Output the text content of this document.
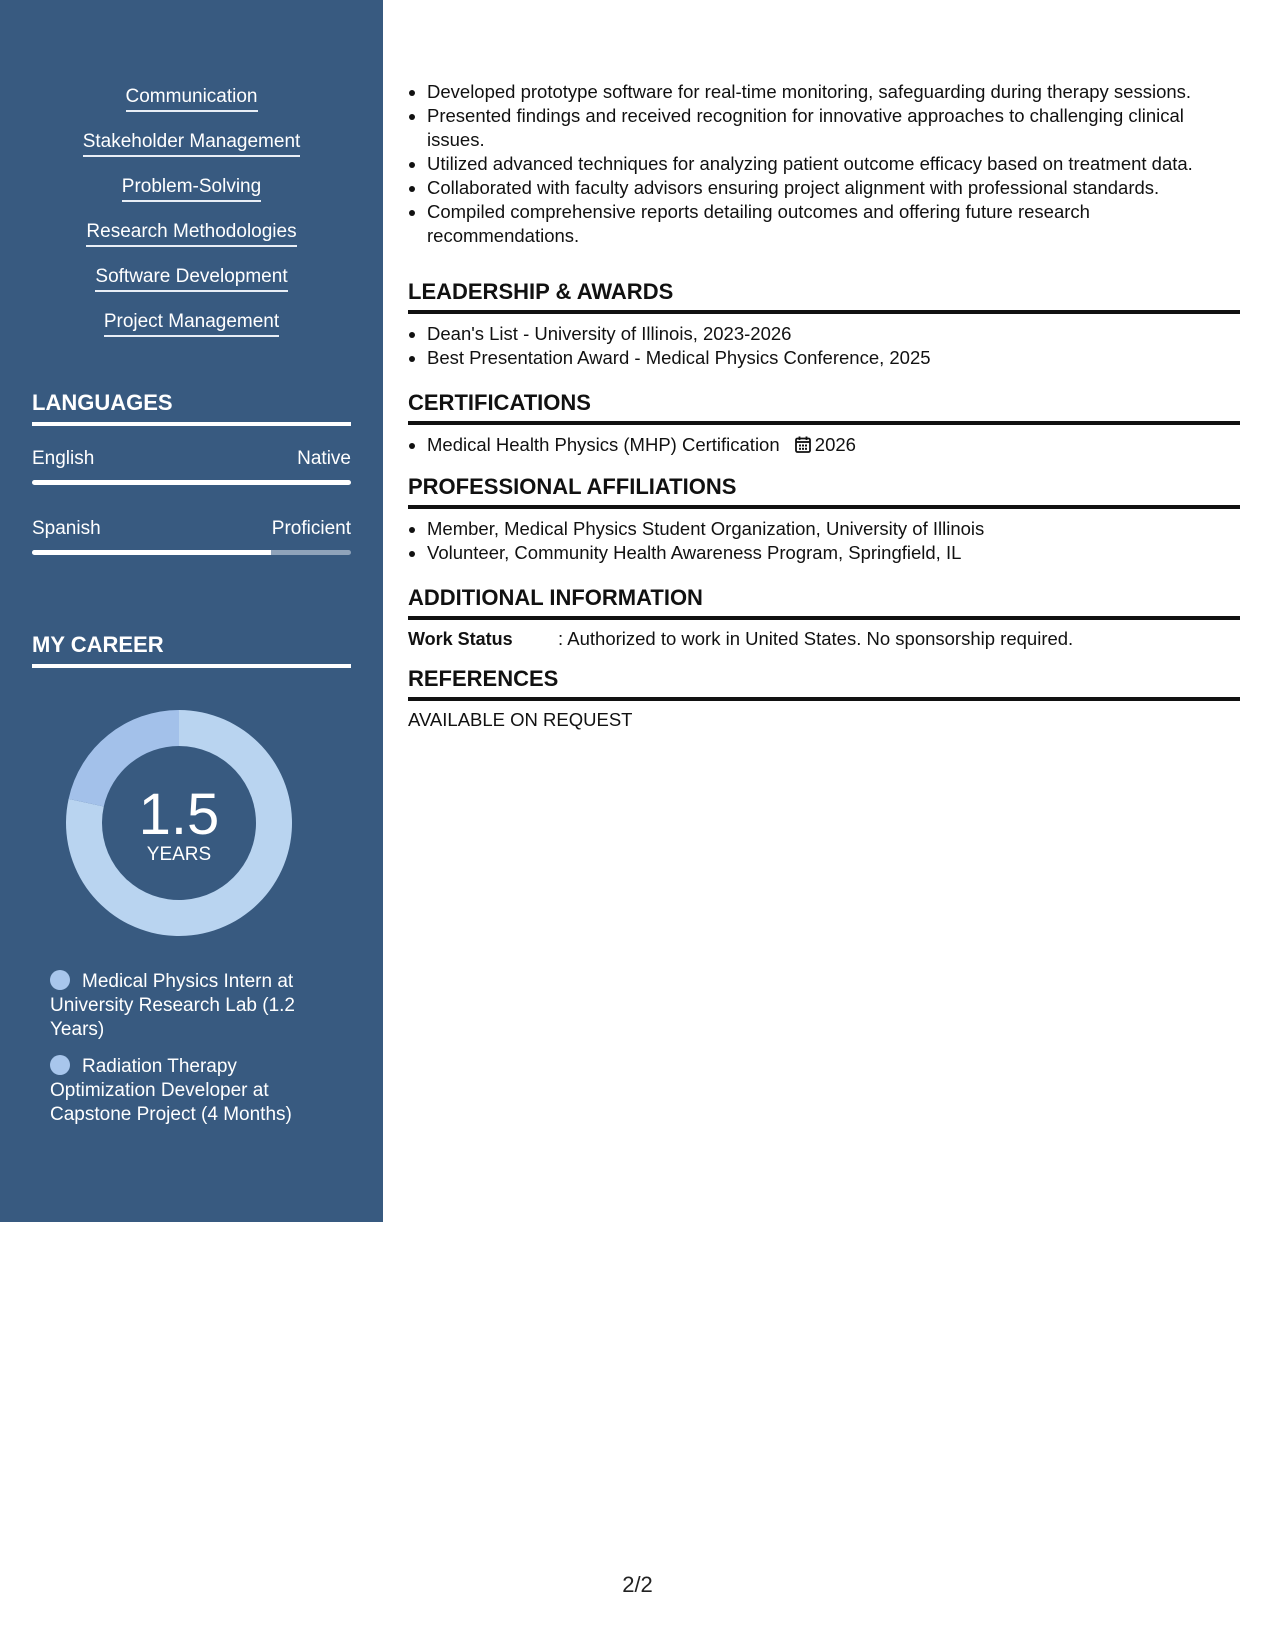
Communication
Stakeholder Management
Problem-Solving
Research Methodologies
Software Development
Project Management
LANGUAGES
English	Native
Spanish	Proficient
MY CAREER
1.5
YEARS
Medical Physics Intern at University Research Lab (1.2 Years)
Radiation Therapy Optimization Developer at Capstone Project (4 Months)
• Developed prototype software for real-time monitoring, safeguarding during therapy sessions.
• Presented findings and received recognition for innovative approaches to challenging clinical issues.
• Utilized advanced techniques for analyzing patient outcome efficacy based on treatment data.
• Collaborated with faculty advisors ensuring project alignment with professional standards.
• Compiled comprehensive reports detailing outcomes and offering future research recommendations.
LEADERSHIP & AWARDS
• Dean's List - University of Illinois, 2023-2026
• Best Presentation Award - Medical Physics Conference, 2025
CERTIFICATIONS
• Medical Health Physics (MHP) Certification 2026
PROFESSIONAL AFFILIATIONS
• Member, Medical Physics Student Organization, University of Illinois
• Volunteer, Community Health Awareness Program, Springfield, IL
ADDITIONAL INFORMATION
Work Status : Authorized to work in United States. No sponsorship required.
REFERENCES
AVAILABLE ON REQUEST
2/2
